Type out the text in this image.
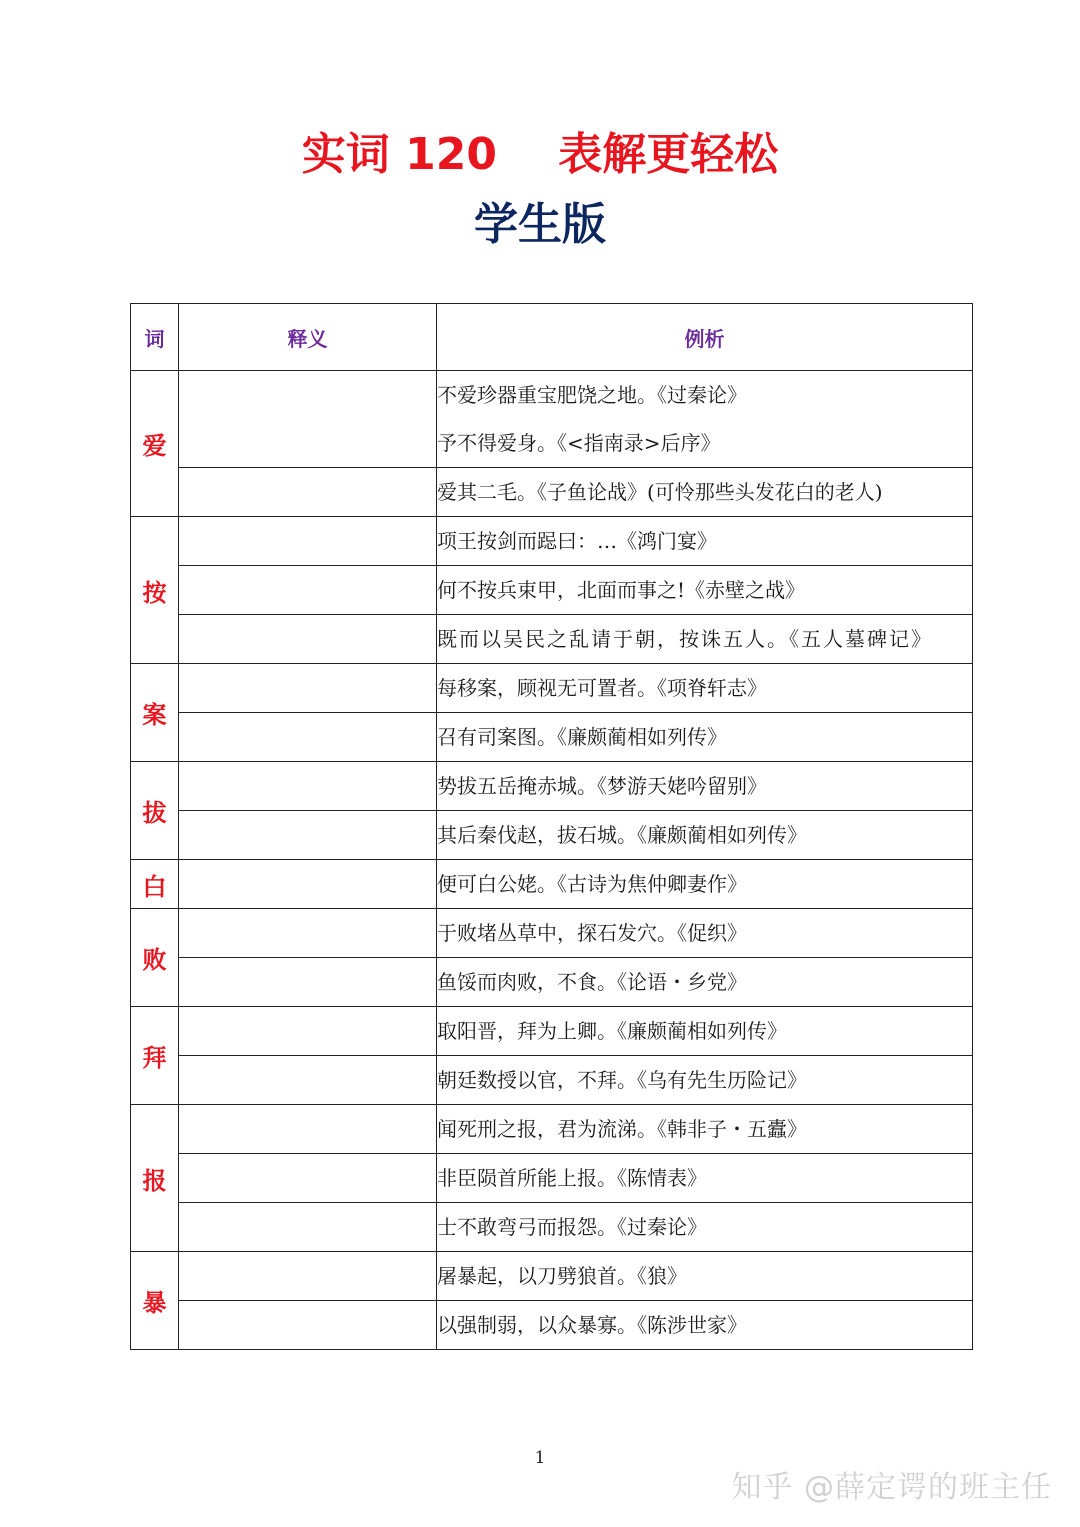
实词 120    表解更轻松
学生版
词	释义	例析
爱		不爱珍器重宝肥饶之地。《过秦论》
予不得爱身。《<指南录>后序》

		爱其二毛。《子鱼论战》(可怜那些头发花白的老人)

按		项王按剑而跽曰：…《鸿门宴》

		何不按兵束甲，北面而事之!《赤壁之战》

		既而以吴民之乱请于朝，按诛五人。《五人墓碑记》

案		每移案，顾视无可置者。《项脊轩志》

		召有司案图。《廉颇蔺相如列传》

拔		势拔五岳掩赤城。《梦游天姥吟留别》

		其后秦伐赵，拔石城。《廉颇蔺相如列传》

白		便可白公姥。《古诗为焦仲卿妻作》

败		于败堵丛草中，探石发穴。《促织》

		鱼馁而肉败，不食。《论语・乡党》

拜		取阳晋，拜为上卿。《廉颇蔺相如列传》

		朝廷数授以官，不拜。《乌有先生历险记》

报		闻死刑之报，君为流涕。《韩非子・五蠹》

		非臣陨首所能上报。《陈情表》

		士不敢弯弓而报怨。《过秦论》

暴		屠暴起，以刀劈狼首。《狼》

		以强制弱，以众暴寡。《陈涉世家》
1
知乎 @薛定谔的班主任
